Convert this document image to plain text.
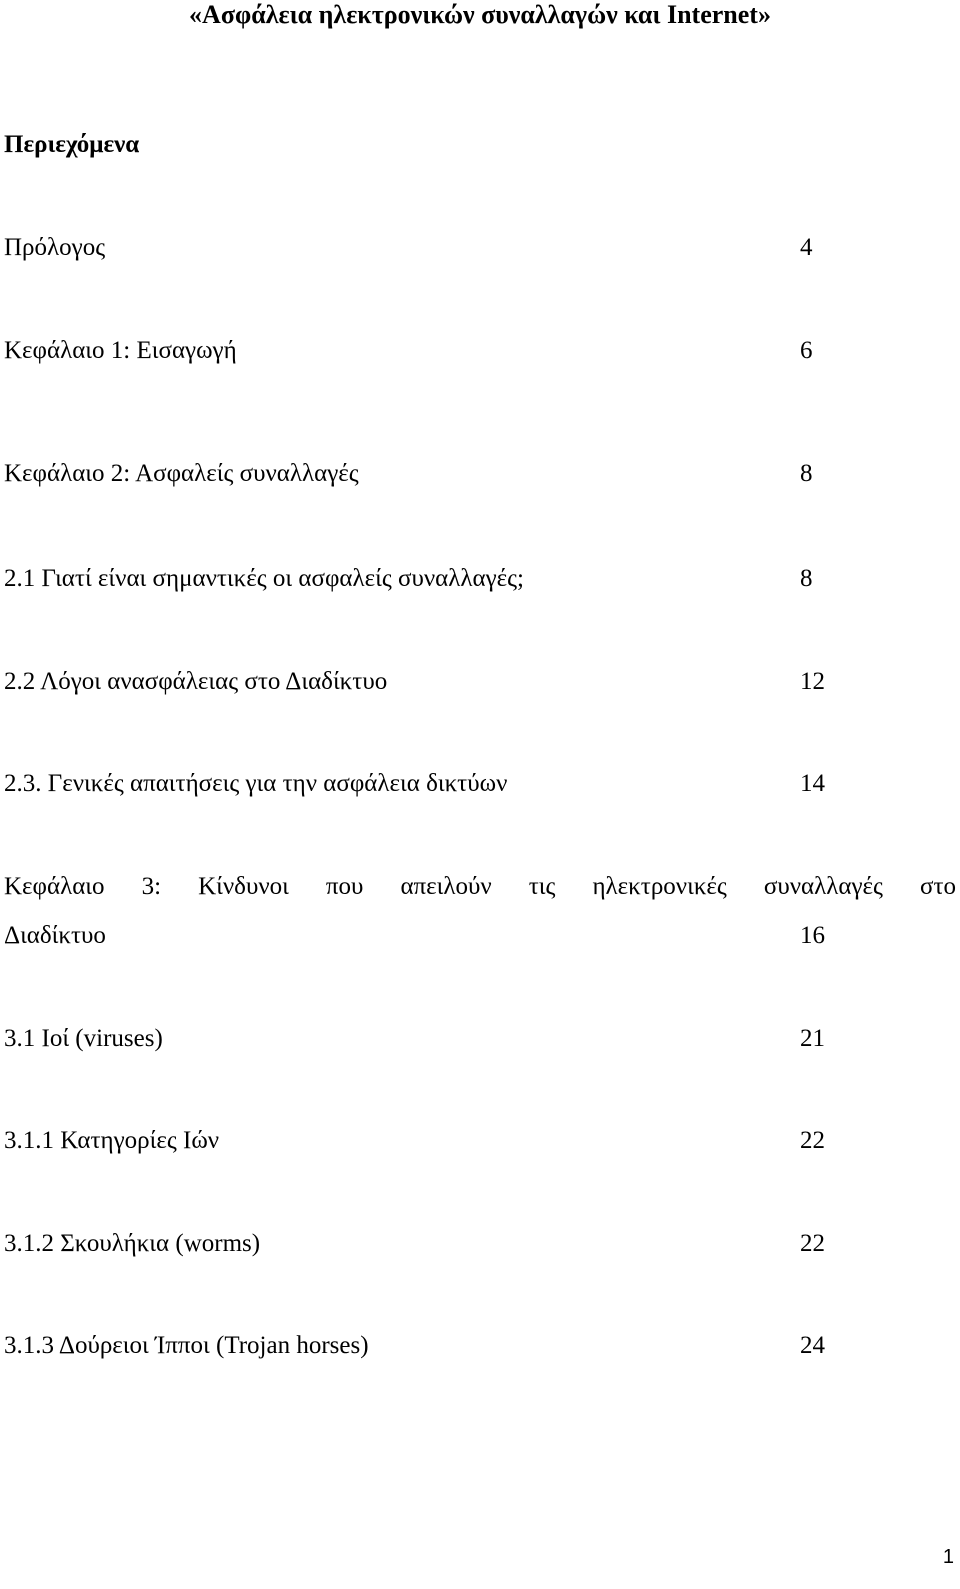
«Ασφάλεια ηλεκτρονικών συναλλαγών και Internet»
Περιεχόμενα
Πρόλογος	4
Κεφάλαιο 1: Εισαγωγή	6
Κεφάλαιο 2: Ασφαλείς συναλλαγές	8
2.1 Γιατί είναι σημαντικές οι ασφαλείς συναλλαγές;	8
2.2 Λόγοι ανασφάλειας στο Διαδίκτυο	12
2.3. Γενικές απαιτήσεις για την ασφάλεια δικτύων	14
Κεφάλαιο 3: Κίνδυνοι που απειλούν τις ηλεκτρονικές συναλλαγές στο
Διαδίκτυο	16
3.1 Ιοί (viruses)	21
3.1.1 Κατηγορίες Ιών	22
3.1.2 Σκουλήκια (worms)	22
3.1.3 Δούρειοι Ίπποι (Trojan horses)	24
1
